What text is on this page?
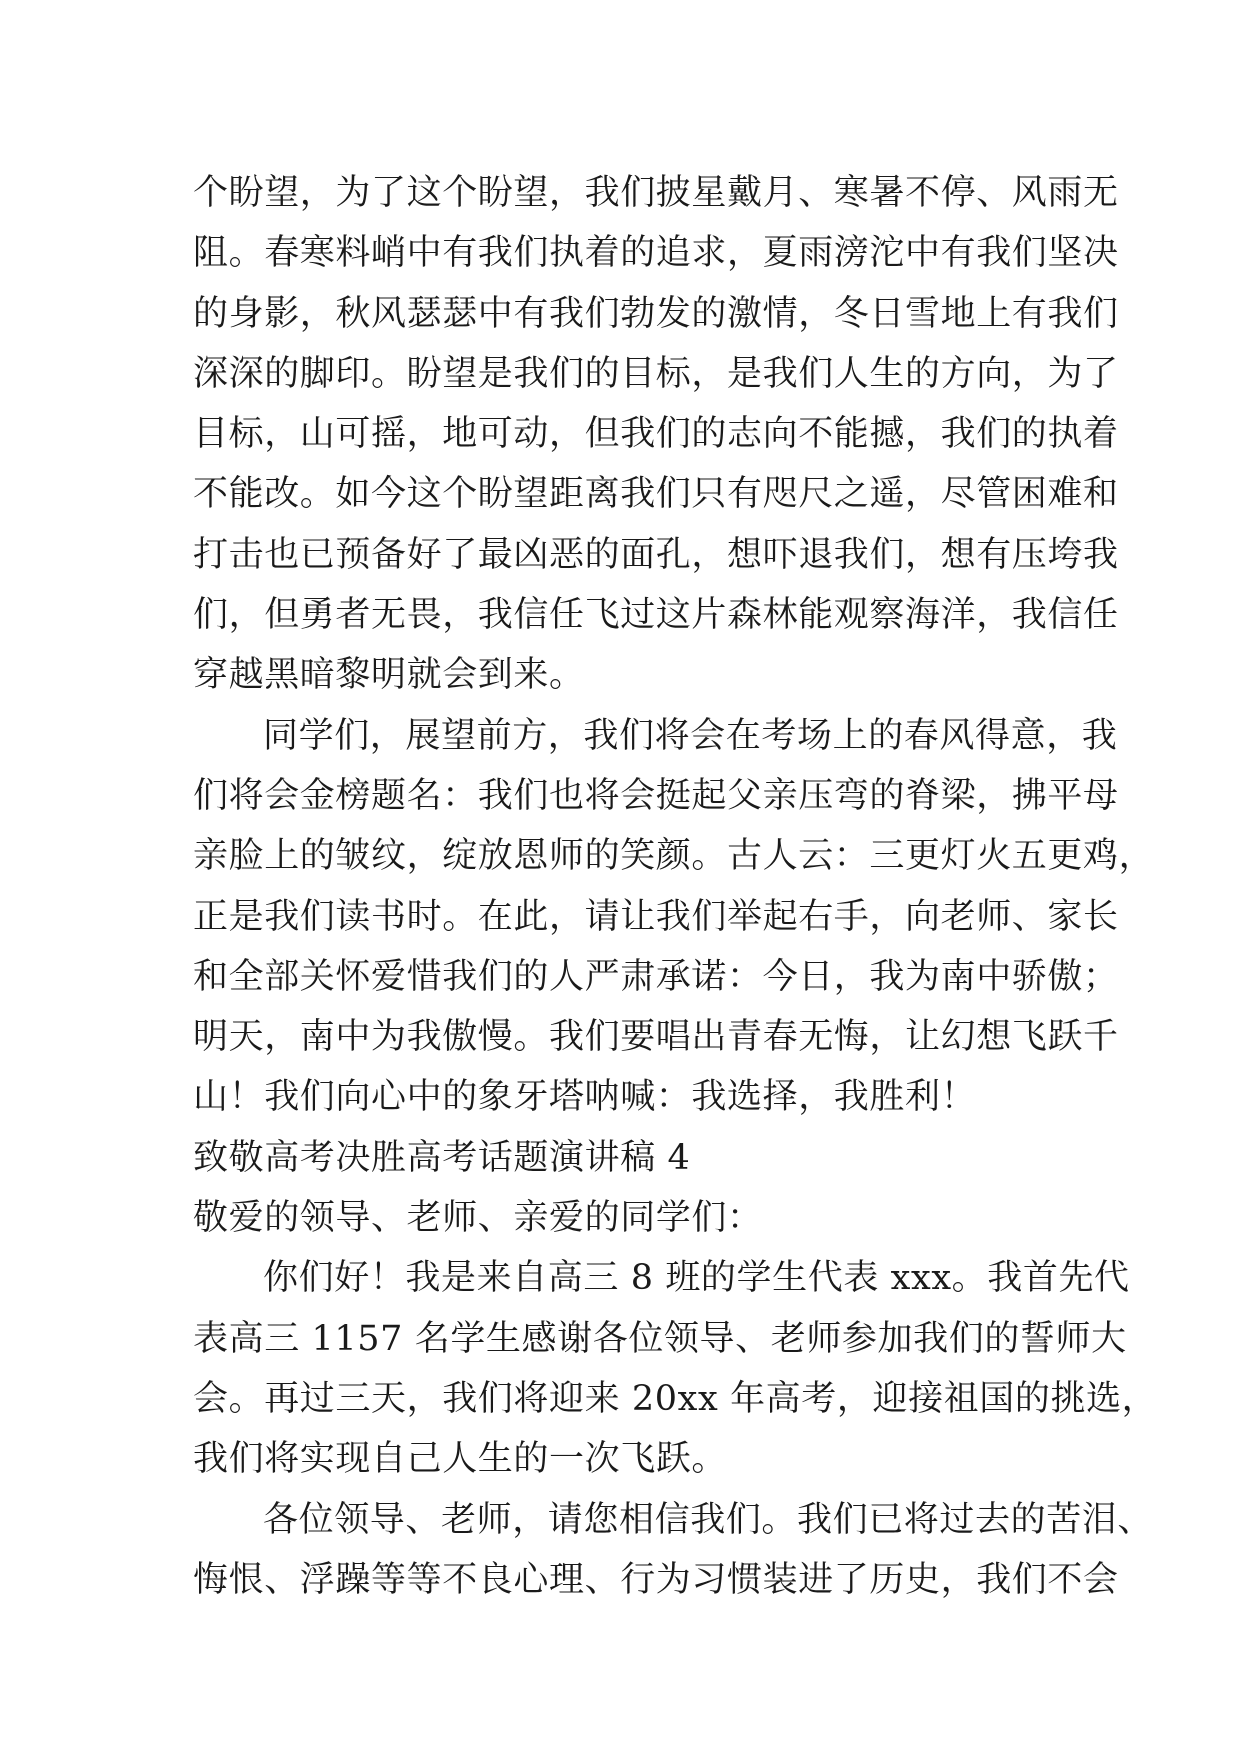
个盼望，为了这个盼望，我们披星戴月、寒暑不停、风雨无
阻。春寒料峭中有我们执着的追求，夏雨滂沱中有我们坚决
的身影，秋风瑟瑟中有我们勃发的激情，冬日雪地上有我们
深深的脚印。盼望是我们的目标，是我们人生的方向，为了
目标，山可摇，地可动，但我们的志向不能撼，我们的执着
不能改。如今这个盼望距离我们只有咫尺之遥，尽管困难和
打击也已预备好了最凶恶的面孔，想吓退我们，想有压垮我
们，但勇者无畏，我信任飞过这片森林能观察海洋，我信任
穿越黑暗黎明就会到来。
同学们，展望前方，我们将会在考场上的春风得意，我
们将会金榜题名：我们也将会挺起父亲压弯的脊梁，拂平母
亲脸上的皱纹，绽放恩师的笑颜。古人云：三更灯火五更鸡，
正是我们读书时。在此，请让我们举起右手，向老师、家长
和全部关怀爱惜我们的人严肃承诺：今日，我为南中骄傲；
明天，南中为我傲慢。我们要唱出青春无悔，让幻想飞跃千
山！我们向心中的象牙塔呐喊：我选择，我胜利！
致敬高考决胜高考话题演讲稿 4
敬爱的领导、老师、亲爱的同学们：
你们好！我是来自高三 8 班的学生代表 xxx。我首先代
表高三 1157 名学生感谢各位领导、老师参加我们的誓师大
会。再过三天，我们将迎来 20xx 年高考，迎接祖国的挑选，
我们将实现自己人生的一次飞跃。
各位领导、老师，请您相信我们。我们已将过去的苦泪、
悔恨、浮躁等等不良心理、行为习惯装进了历史，我们不会
